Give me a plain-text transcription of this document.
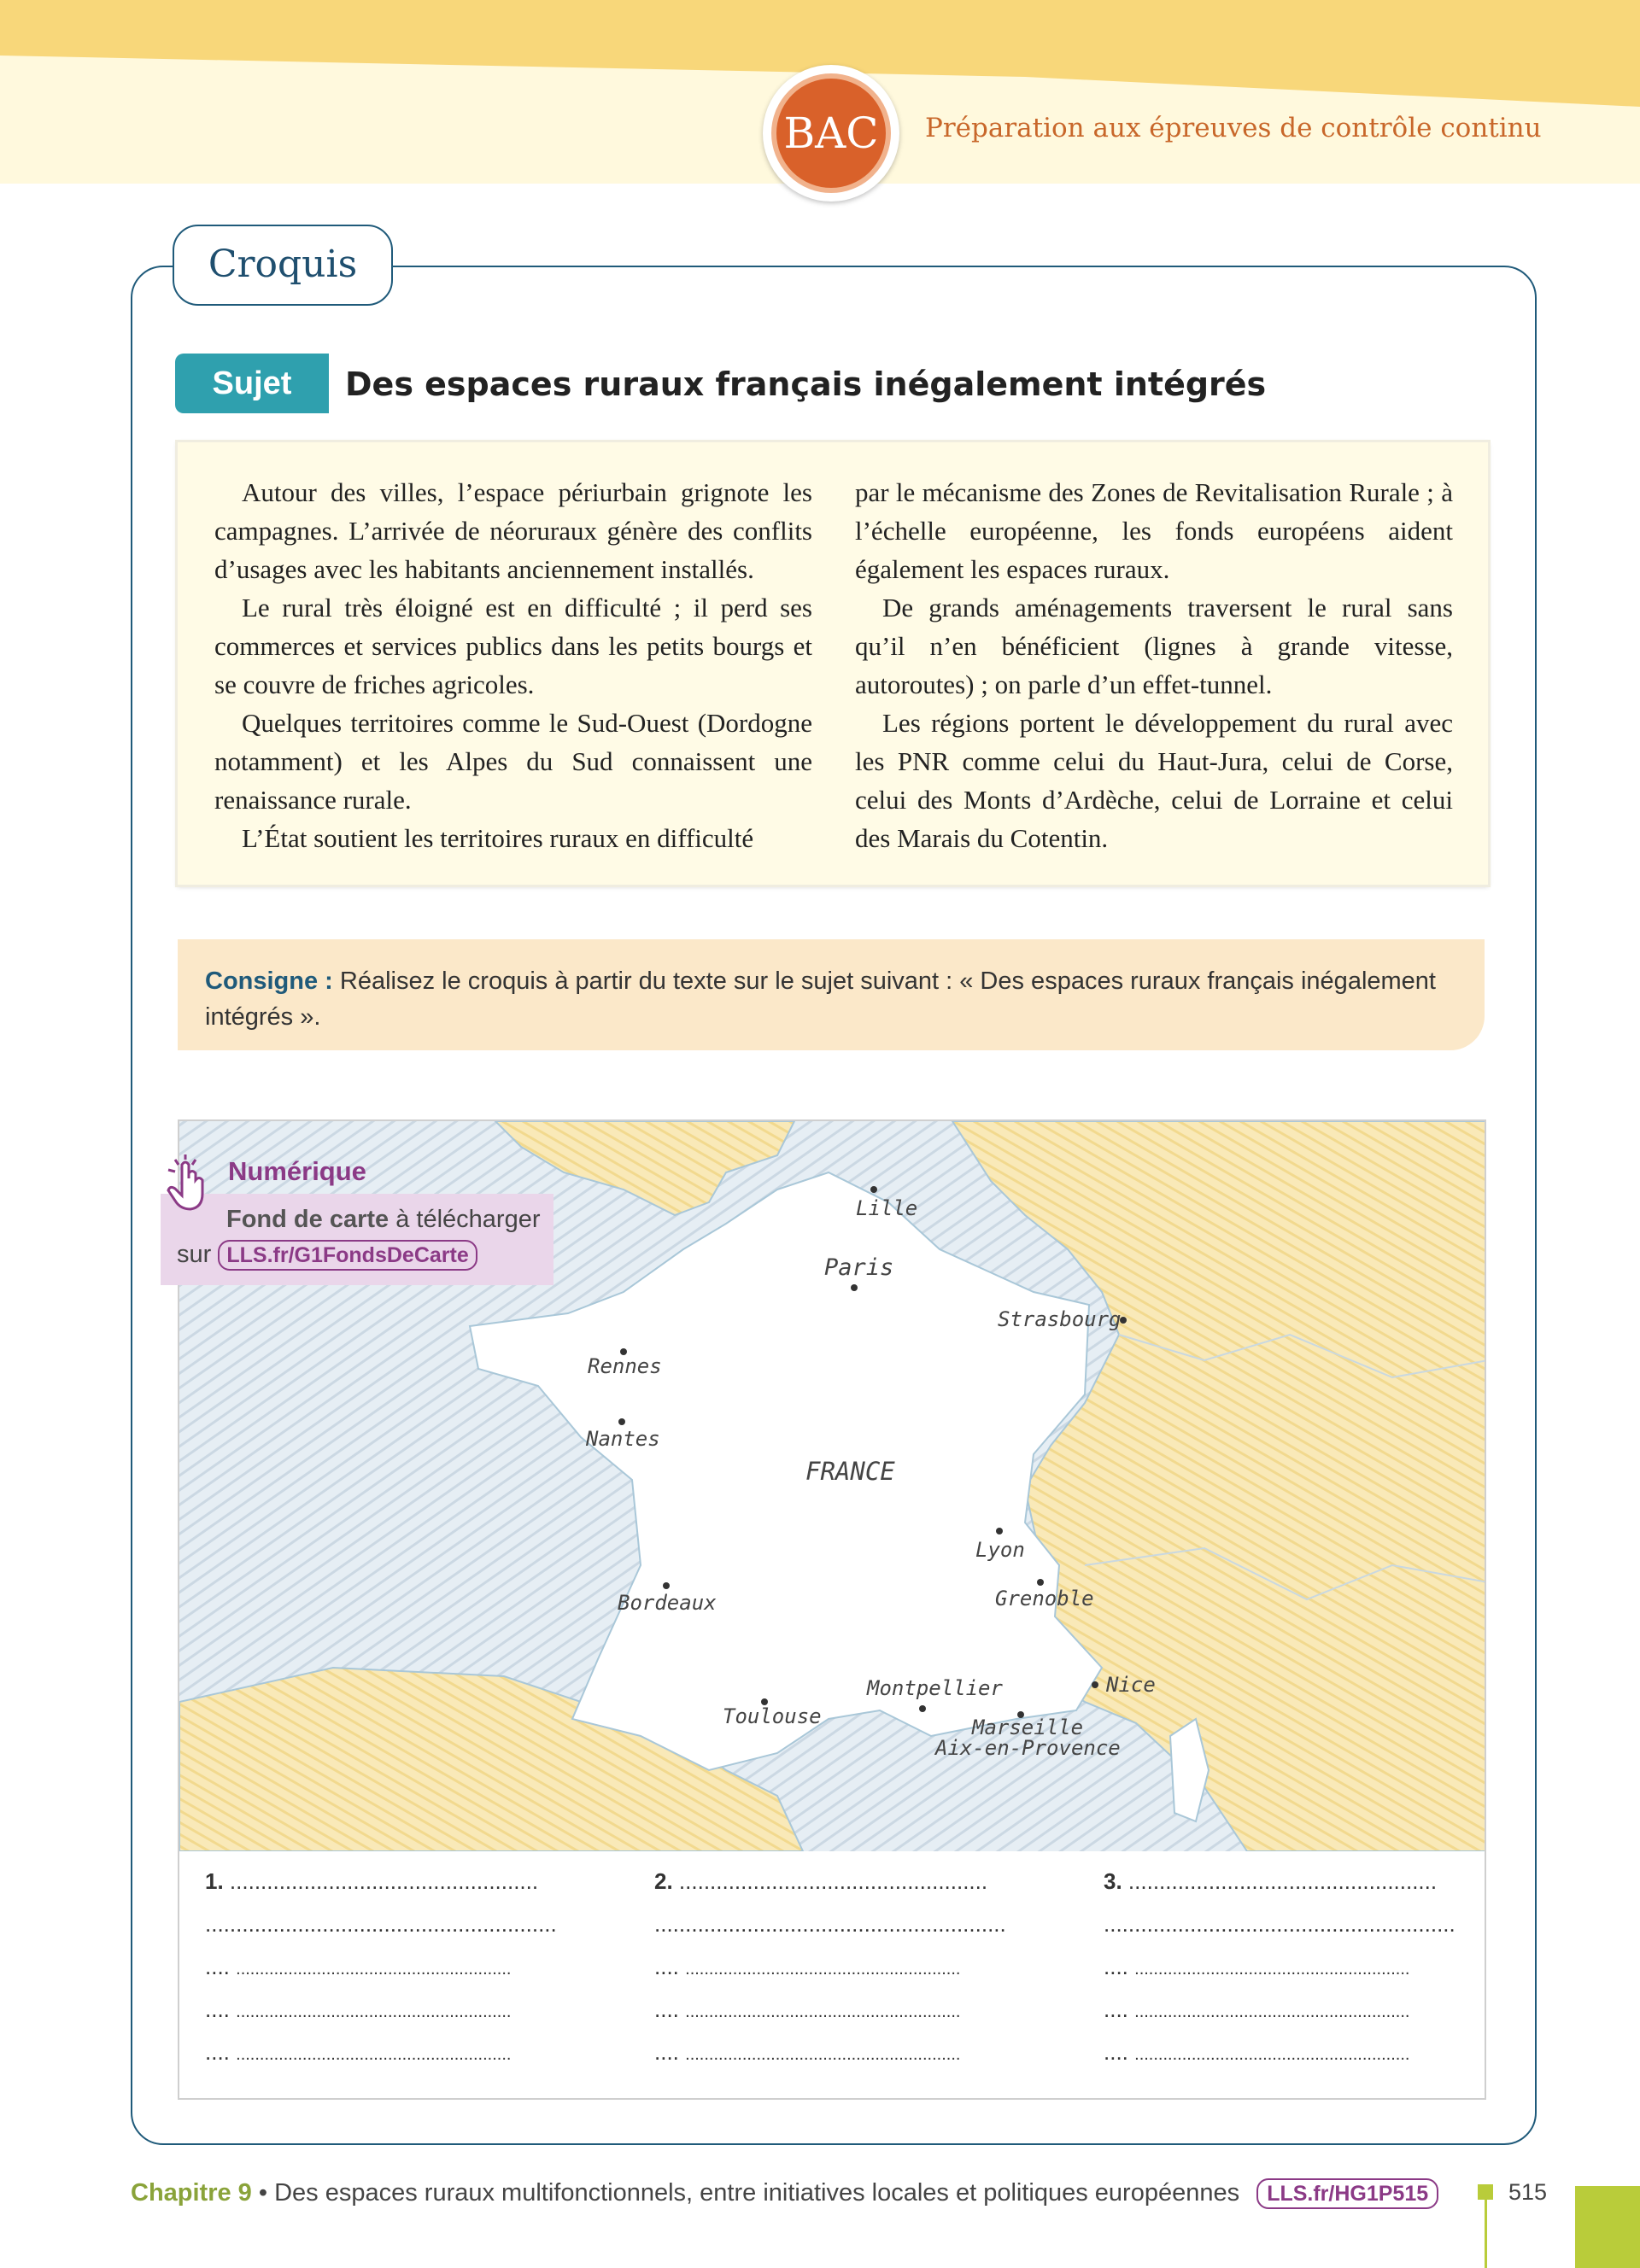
BAC	Préparation aux épreuves de contrôle continu
Croquis
Sujet	Des espaces ruraux français inégalement intégrés

Autour des villes, l’espace périurbain grignote les campagnes. L’arrivée de néoruraux génère des conflits d’usages avec les habitants anciennement installés.

Le rural très éloigné est en difficulté ; il perd ses commerces et services publics dans les petits bourgs et se couvre de friches agricoles.

Quelques territoires comme le Sud-Ouest (Dordogne notamment) et les Alpes du Sud connaissent une renaissance rurale.

L’État soutient les territoires ruraux en difficulté

par le mécanisme des Zones de Revitalisation Rurale ; à l’échelle européenne, les fonds européens aident également les espaces ruraux.

De grands aménagements traversent le rural sans qu’il n’en bénéficient (lignes à grande vitesse, autoroutes) ; on parle d’un effet-tunnel.

Les régions portent le développement du rural avec les PNR comme celui du Haut-Jura, celui de Corse, celui des Monts d’Ardèche, celui de Lorraine et celui des Marais du Cotentin.

Consigne : Réalisez le croquis à partir du texte sur le sujet suivant : « Des espaces ruraux français inégalement intégrés ».
FRANCE
Lille
Paris
Strasbourg
Rennes
Nantes
Lyon
Grenoble
Bordeaux
Montpellier	Nice
Toulouse	Marseille
Aix-en-Provence
1. ..................................................
.........................................................
.... ..........................................................
.... ..........................................................
.... ..........................................................
2. ..................................................
.........................................................
.... ..........................................................
.... ..........................................................
.... ..........................................................
3. ..................................................
.........................................................
.... ..........................................................
.... ..........................................................
.... ..........................................................
Numérique
Fond de carte à télécharger
sur LLS.fr/G1FondsDeCarte
Chapitre 9 • Des espaces ruraux multifonctionnels, entre initiatives locales et politiques européennes LLS.fr/HG1P515	515
